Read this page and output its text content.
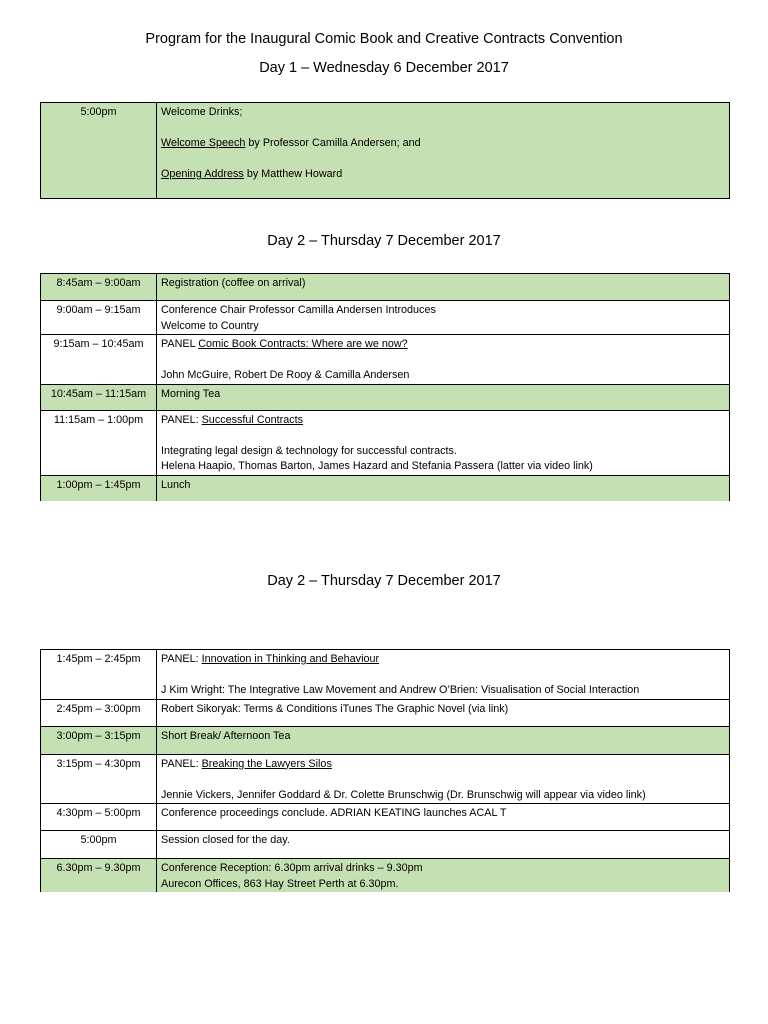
Program for the Inaugural Comic Book and Creative Contracts Convention
Day 1 – Wednesday 6 December 2017
5:00pm	Welcome Drinks;
Welcome Speech by Professor Camilla Andersen; and
Opening Address by Matthew Howard
Day 2 – Thursday 7 December 2017
8:45am – 9:00am	Registration (coffee on arrival)
9:00am – 9:15am	Conference Chair Professor Camilla Andersen Introduces
Welcome to Country

9:15am – 10:45am	PANEL Comic Book Contracts: Where are we now?
John McGuire, Robert De Rooy & Camilla Andersen

10:45am – 11:15am	Morning Tea
11:15am – 1:00pm	PANEL: Successful Contracts
Integrating legal design & technology for successful contracts.
Helena Haapio, Thomas Barton, James Hazard and Stefania Passera (latter via video link)

1:00pm – 1:45pm	Lunch
Day 2 – Thursday 7 December 2017
1:45pm – 2:45pm	PANEL: Innovation in Thinking and Behaviour
J Kim Wright: The Integrative Law Movement and Andrew O’Brien: Visualisation of Social Interaction

2:45pm – 3:00pm	Robert Sikoryak: Terms & Conditions iTunes The Graphic Novel (via link)
3:00pm – 3:15pm	Short Break/ Afternoon Tea
3:15pm – 4:30pm	PANEL: Breaking the Lawyers Silos
Jennie Vickers, Jennifer Goddard & Dr. Colette Brunschwig (Dr. Brunschwig will appear via video link)

4:30pm – 5:00pm	Conference proceedings conclude. ADRIAN KEATING launches ACAL T
5:00pm	Session closed for the day.
6.30pm – 9.30pm	Conference Reception: 6.30pm arrival drinks – 9.30pm
Aurecon Offices, 863 Hay Street Perth at 6.30pm.
